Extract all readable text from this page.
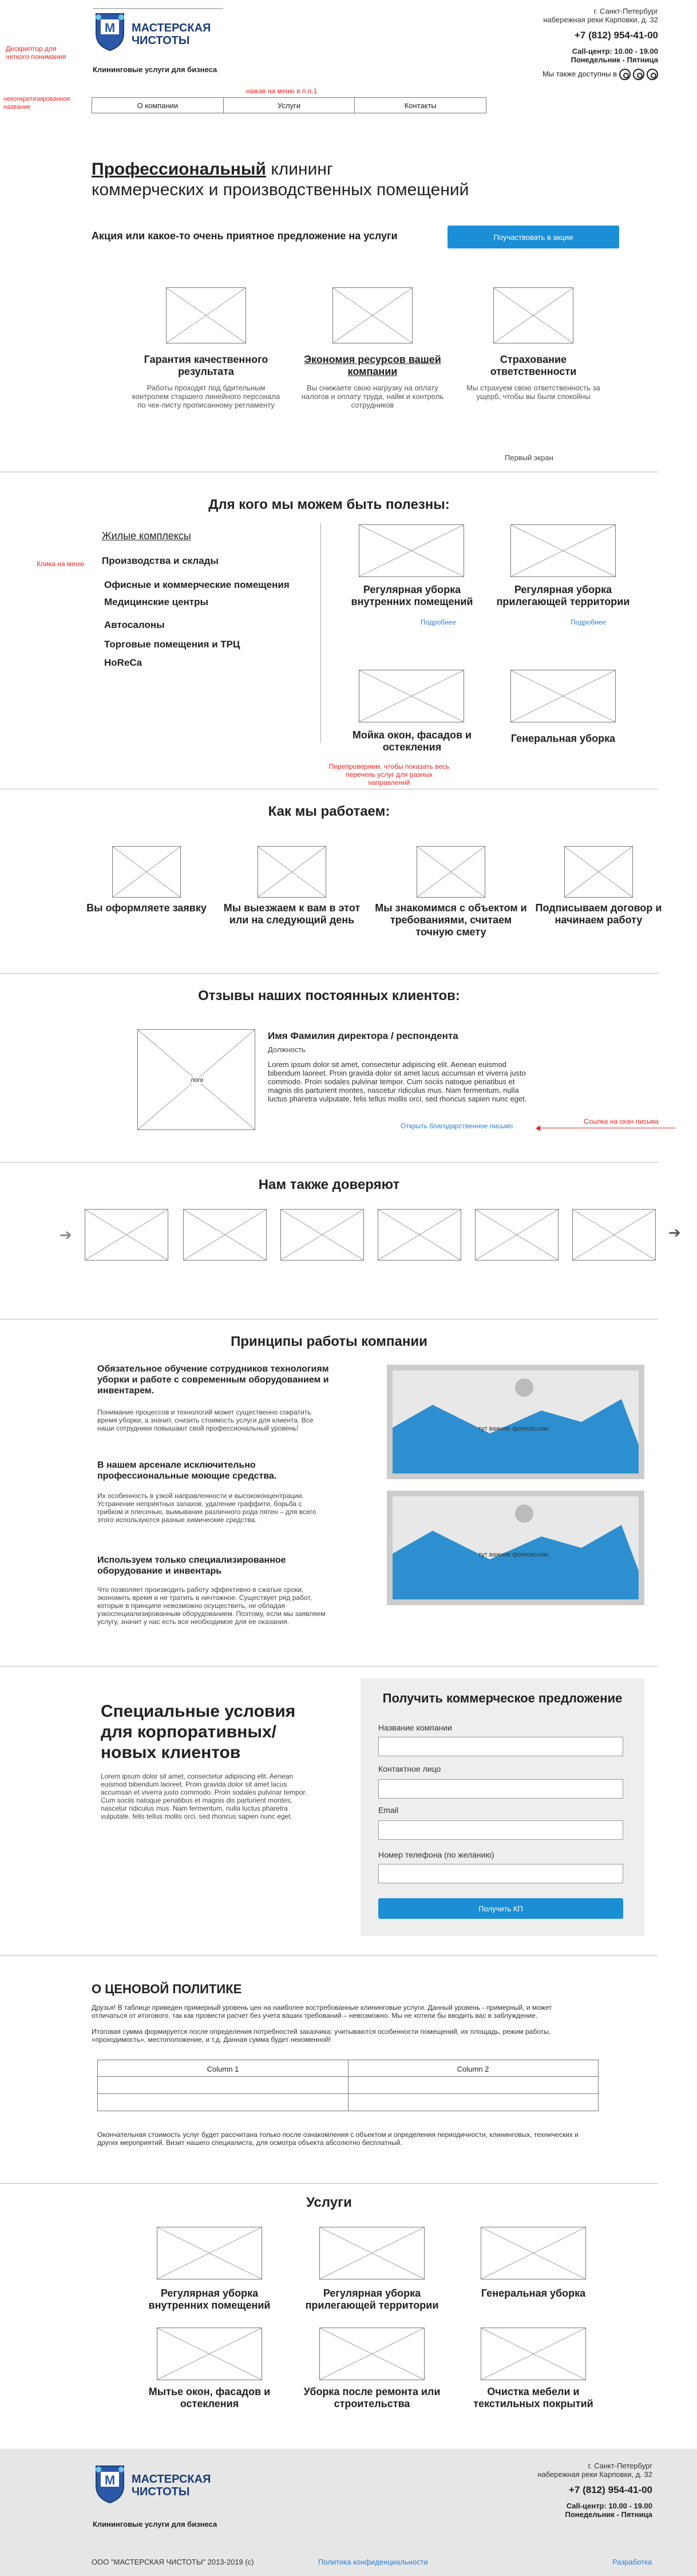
Дескриптор для четкого понимания
неконкретизированное название
M МАСТЕРСКАЯ
ЧИСТОТЫ
Клининговые услуги для бизнеса
г. Санкт-Петербург
набережная реки Карповки, д. 32
+7 (812) 954-41-00
Call-центр: 10.00 - 19.00
Понедельник - Пятница
Мы также доступны в
нажав на меню в п.п.1
О компании	Услуги	Контакты
Профессиональный клининг
коммерческих и производственных помещений
Акция или какое-то очень приятное предложение на услуги	Поучаствовать в акции
Гарантия качественного результата
Работы проходят под бдительным контролем старшего линейного персонала по чек-листу прописанному регламенту
Экономия ресурсов вашей компании
Вы снижаете свою нагрузку на оплату налогов и оплату труда, найм и контроль сотрудников
Страхование ответственности
Мы страхуем свою ответственность за ущерб, чтобы вы были спокойны
Первый экран
Для кого мы можем быть полезны:
Клика на меню
Жилые комплексы
Производства и склады
Офисные и коммерческие помещения
Медицинские центры
Автосалоны
Торговые помещения и ТРЦ
HoReCa
Регулярная уборка внутренних помещений
Регулярная уборка прилегающей территории
Подробнее	Подробнее
Мойка окон, фасадов и остекления
Генеральная уборка
Перепроверяем, чтобы показать весь перечень услуг для разных направлений
Как мы работаем:
Вы оформляете заявку	Мы выезжаем к вам в этот или на следующий день
Мы знакомимся с объектом и требованиями, считаем точную смету
Подписываем договор и начинаем работу
Отзывы наших постоянных клиентов:
лого
Имя Фамилия директора / респондента
Должность
Lorem ipsum dolor sit amet, consectetur adipiscing elit. Aenean euismod bibendum laoreet. Proin gravida dolor sit amet lacus accumsan et viverra justo commodo. Proin sodales pulvinar tempor. Cum sociis natoque penatibus et magnis dis parturient montes, nascetur ridiculus mus. Nam fermentum, nulla luctus pharetra vulputate, felis tellus mollis orci, sed rhoncus sapien nunc eget.
Открыть благодарственное письмо
Ссылка на скан письма
Нам также доверяют
➔	➔
Принципы работы компании
Обязательное обучение сотрудников технологиям уборки и работе с современным оборудованием и инвентарем.
Понимание процессов и технологий может существенно сократить время уборки, а значит, снизить стоимость услуги для клиента. Все наши сотрудники повышают свой профессиональный уровень!
В нашем арсенале исключительно профессиональные моющие средства.
Их особенность в узкой направленности и высококонцентрации. Устранение неприятных запахов, удаление граффити, борьба с грибком и плесенью, вымывание различного рода пятен – для всего этого используются разные химические средства.
Используем только специализированное оборудование и инвентарь
Что позволяет производить работу эффективно в сжатые сроки, экономить время и не тратить в ничтожное. Существует ряд работ, которые в принципе невозможно осуществить, не обладая узкоспециализированным оборудованием. Поэтому, если мы заявляем услугу, значит у нас есть все необходимое для ее оказания.
тут важное фотосессию
тут важное фотосессию
Специальные условия для корпоративных/ новых клиентов
Lorem ipsum dolor sit amet, consectetur adipiscing elit. Aenean euismod bibendum laoreet. Proin gravida dolor sit amet lacus accumsan et viverra justo commodo. Proin sodales pulvinar tempor. Cum sociis natoque penatibus et magnis dis parturient montes, nascetur ridiculus mus. Nam fermentum, nulla luctus pharetra vulputate, felis tellus mollis orci, sed rhoncus sapien nunc eget.
Получить коммерческое предложение
Название компании
Контактное лицо
Email
Номер телефона (по желанию)
Получить КП
О ЦЕНОВОЙ ПОЛИТИКЕ
Друзья! В таблице приведен примерный уровень цен на наиболее востребованные клининговые услуги. Данный уровень - примерный, и может отличаться от итогового, так как провести расчет без учета ваших требований – невозможно. Мы не хотели бы вводить вас в заблуждение.
Итоговая сумма формируется после определения потребностей заказчика: учитываются особенности помещений, их площадь, режим работы, «проходимость», местоположение, и т.д. Данная сумма будет неизменной!
Column 1	Column 2
Окончательная стоимость услуг будет рассчитана только после ознакомления с объектом и определения периодичности, клининговых, технических и других мероприятий. Визит нашего специалиста, для осмотра объекта абсолютно бесплатный.
Услуги
Регулярная уборка внутренних помещений
Регулярная уборка прилегающей территории
Генеральная уборка
Мытье окон, фасадов и остекления
Уборка после ремонта или строительства
Очистка мебели и текстильных покрытий
M МАСТЕРСКАЯ
ЧИСТОТЫ
Клининговые услуги для бизнеса
г. Санкт-Петербург
набережная реки Карповки, д. 32
+7 (812) 954-41-00
Call-центр: 10.00 - 19.00
Понедельник - Пятница
ООО "МАСТЕРСКАЯ ЧИСТОТЫ" 2013-2019 (с)	Политика конфиденциальности	Разработка
